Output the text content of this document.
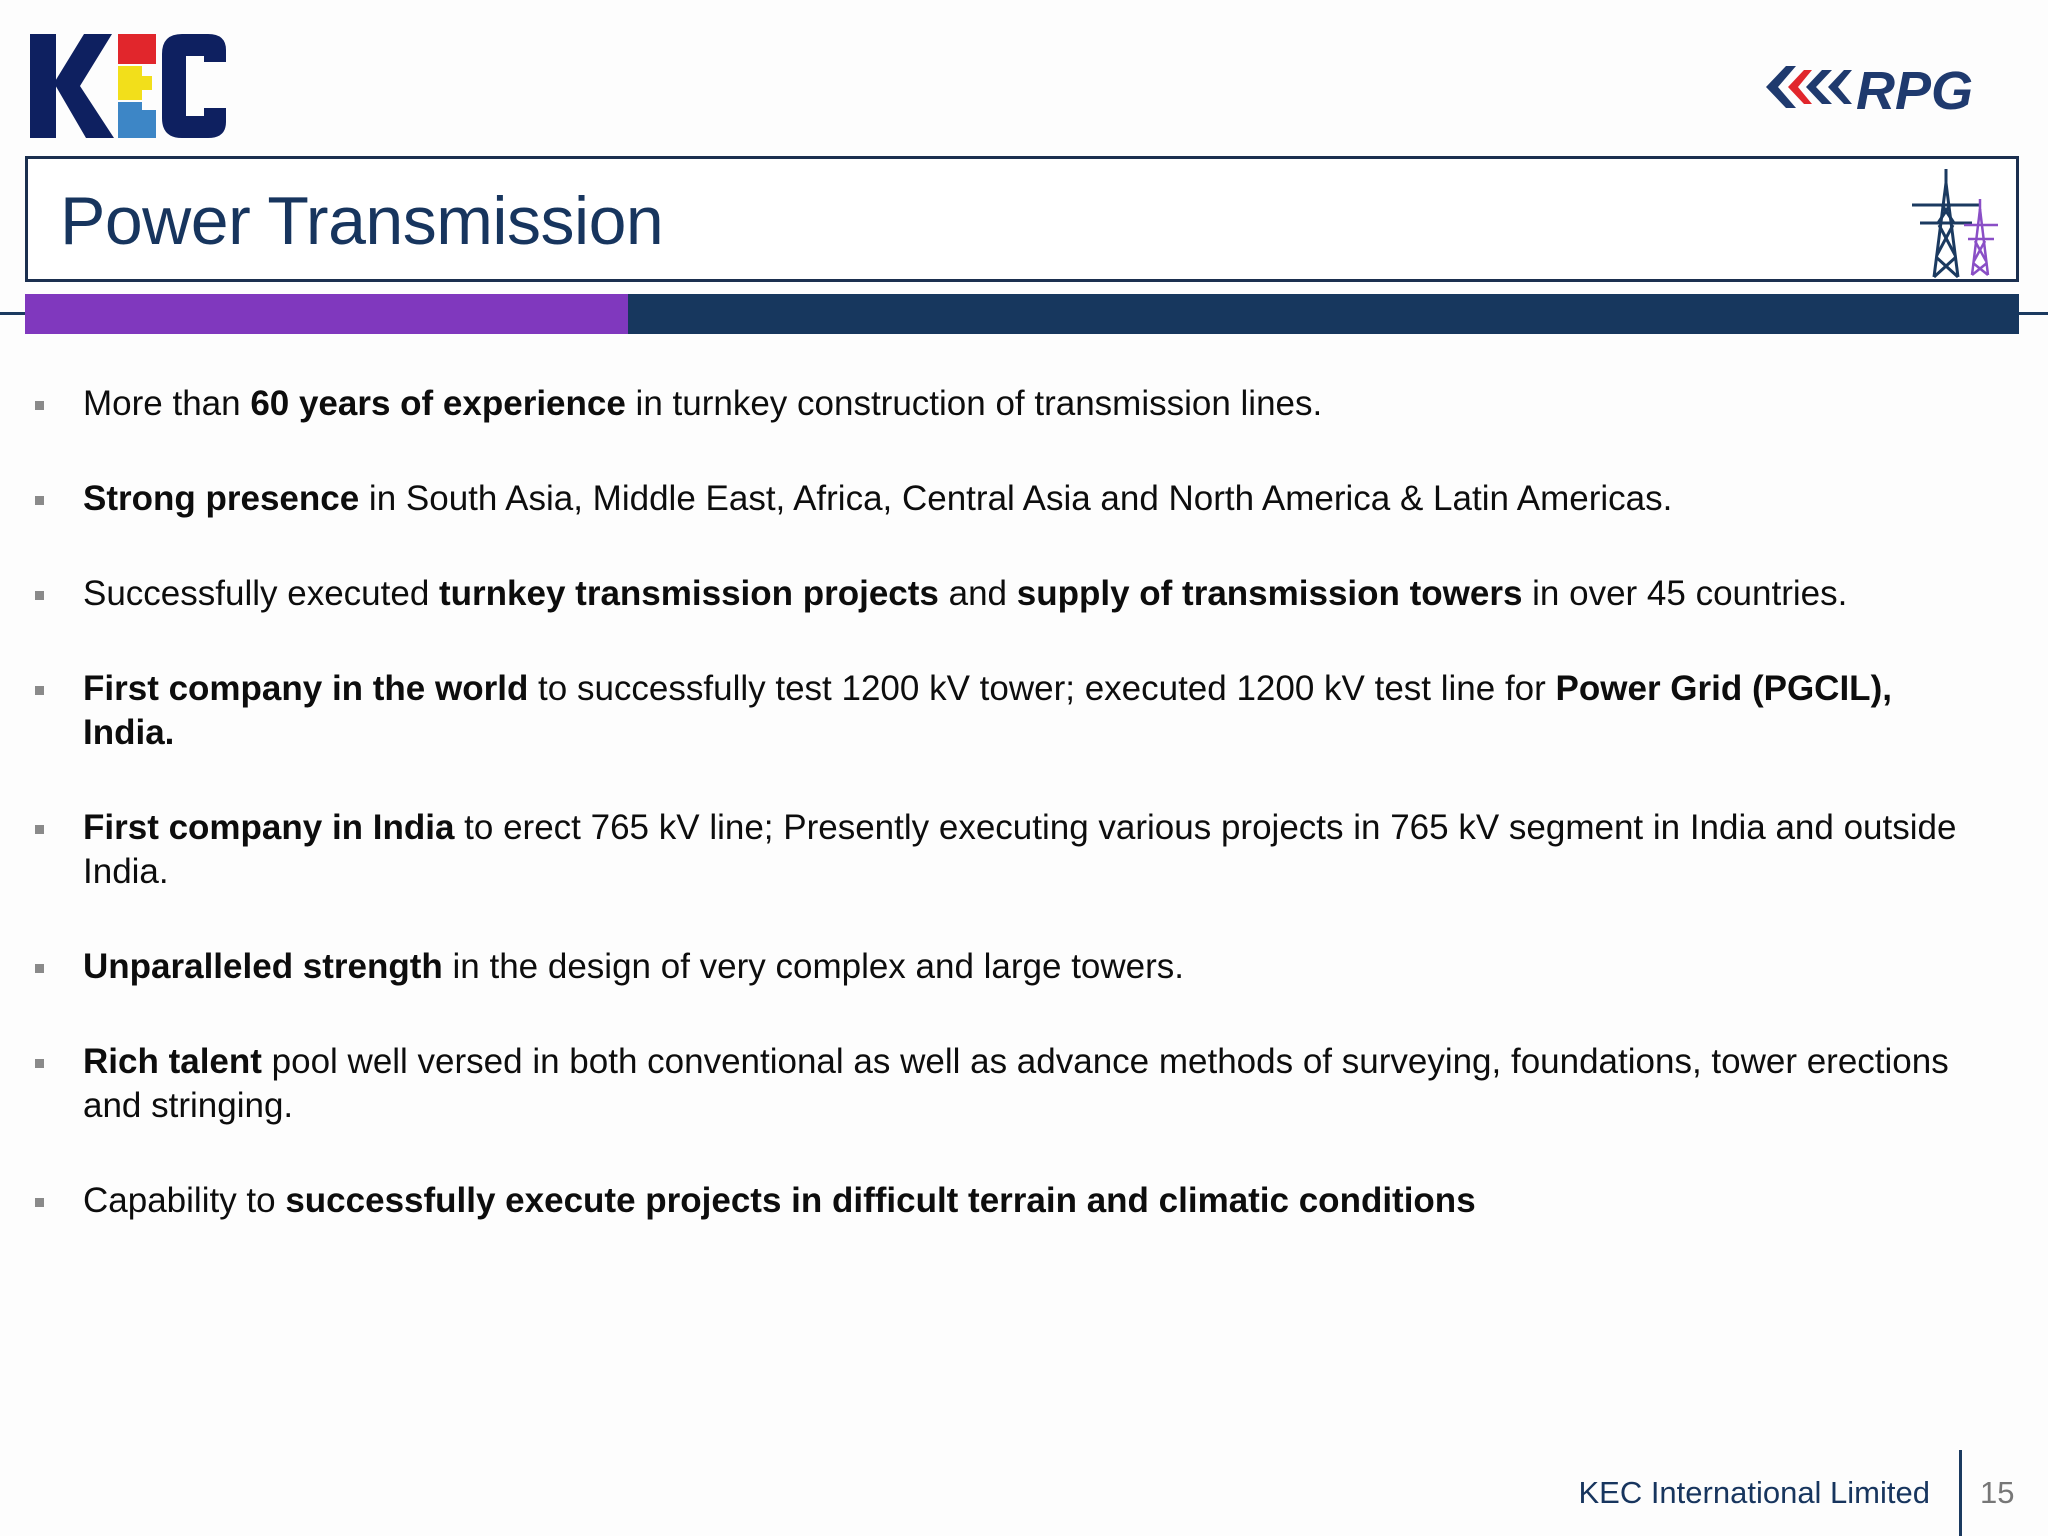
RPG
Power Transmission
More than 60 years of experience in turnkey construction of transmission lines.
Strong presence in South Asia, Middle East, Africa, Central Asia and North America & Latin Americas.
Successfully executed turnkey transmission projects and supply of transmission towers in over 45 countries.
First company in the world to successfully test 1200 kV tower; executed 1200 kV test line for Power Grid (PGCIL), India.
First company in India to erect 765 kV line; Presently executing various projects in 765 kV segment in India and outside India.
Unparalleled strength in the design of very complex and large towers.
Rich talent pool well versed in both conventional as well as advance methods of surveying, foundations, tower erections and stringing.
Capability to successfully execute projects in difficult terrain and climatic conditions

KEC International Limited 15
